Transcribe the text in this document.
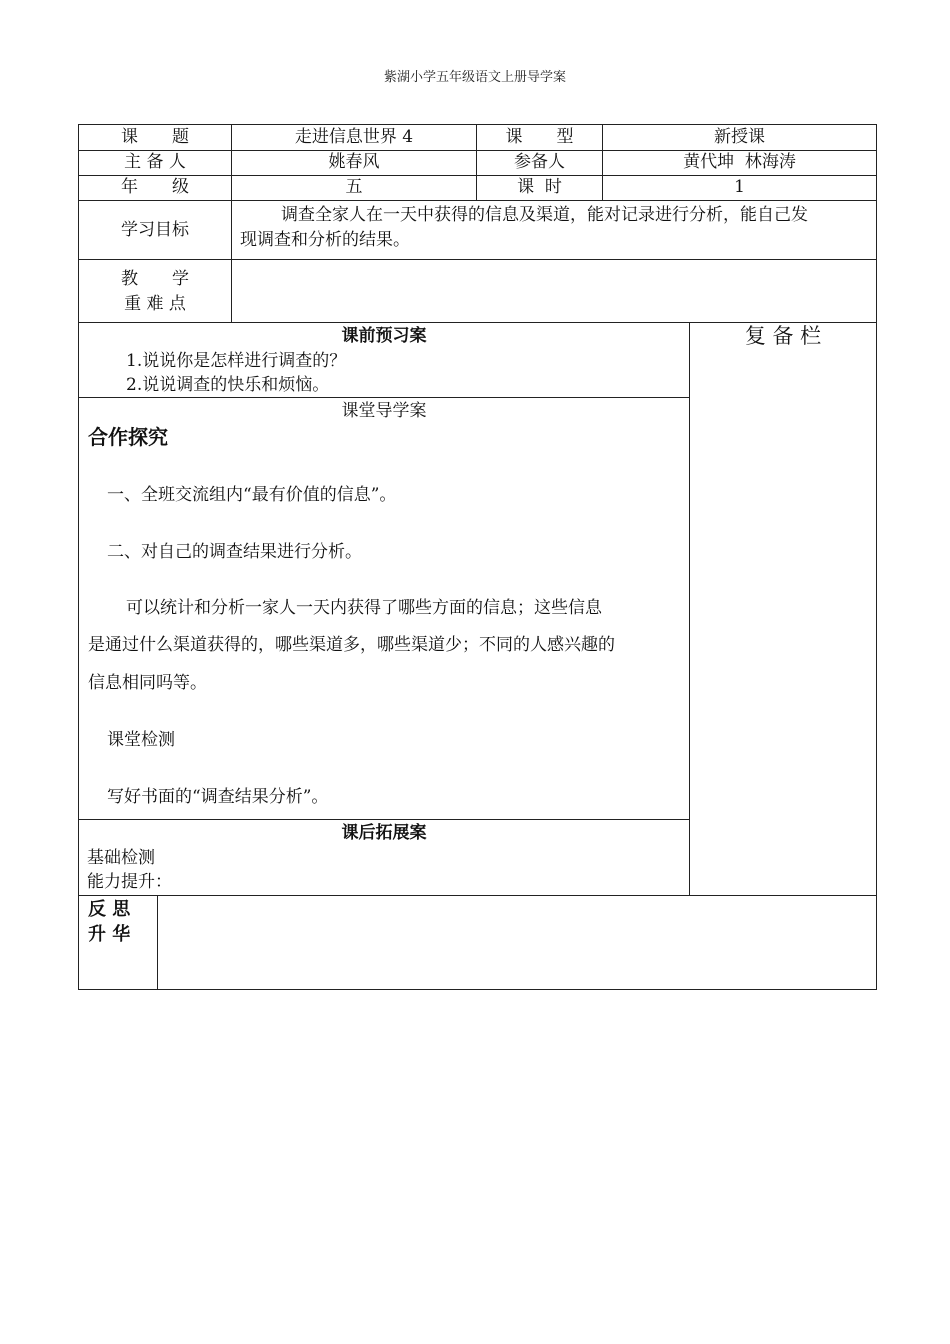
紫湖小学五年级语文上册导学案
课　　题	走进信息世界 4	课　　型	新授课
主 备 人	姚春风	参备人	黄代坤  林海涛
年　　级	五	课  时	1
学习目标
调查全家人在一天中获得的信息及渠道，能对记录进行分析，能自己发
现调查和分析的结果。
教　　学
重 难 点
课前预习案
1.说说你是怎样进行调查的？
2.说说调查的快乐和烦恼。
复 备 栏
课堂导学案
合作探究
一、全班交流组内“最有价值的信息”。
二、对自己的调查结果进行分析。
可以统计和分析一家人一天内获得了哪些方面的信息；这些信息
是通过什么渠道获得的，哪些渠道多，哪些渠道少；不同的人感兴趣的
信息相同吗等。
课堂检测
写好书面的“调查结果分析”。
课后拓展案
基础检测
能力提升：
反 思
升 华
